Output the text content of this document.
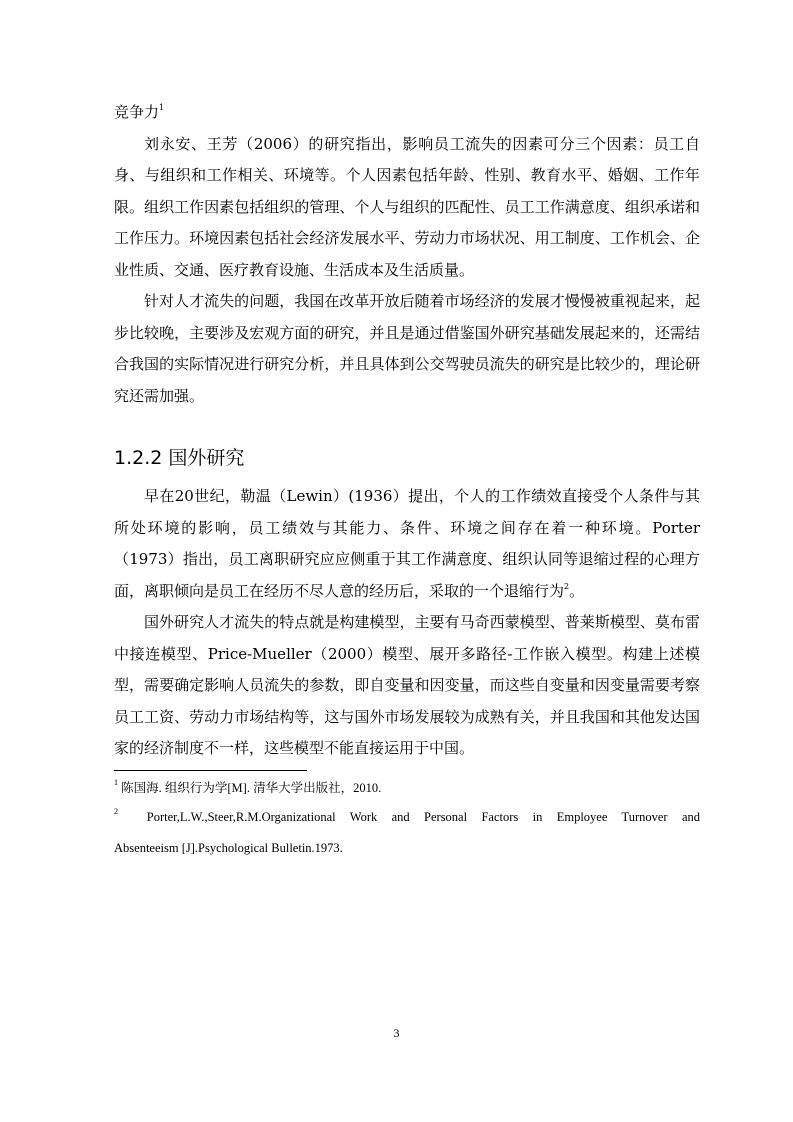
竞争力$^1$

刘永安、王芳（2006）的研究指出，影响员工流失的因素可分三个因素：员工自身、与组织和工作相关、环境等。个人因素包括年龄、性别、教育水平、婚姻、工作年限。组织工作因素包括组织的管理、个人与组织的匹配性、员工工作满意度、组织承诺和工作压力。环境因素包括社会经济发展水平、劳动力市场状况、用工制度、工作机会、企业性质、交通、医疗教育设施、生活成本及生活质量。

针对人才流失的问题，我国在改革开放后随着市场经济的发展才慢慢被重视起来，起步比较晚，主要涉及宏观方面的研究，并且是通过借鉴国外研究基础发展起来的，还需结合我国的实际情况进行研究分析，并且具体到公交驾驶员流失的研究是比较少的，理论研究还需加强。

1.2.2 国外研究

早在20世纪，勒温（Lewin）(1936）提出，个人的工作绩效直接受个人条件与其所处环境的影响，员工绩效与其能力、条件、环境之间存在着一种环境。Porter（1973）指出，员工离职研究应应侧重于其工作满意度、组织认同等退缩过程的心理方面，离职倾向是员工在经历不尽人意的经历后，采取的一个退缩行为$^2$。

国外研究人才流失的特点就是构建模型，主要有马奇西蒙模型、普莱斯模型、莫布雷中接连模型、Price-Mueller（2000）模型、展开多路径-工作嵌入模型。构建上述模型，需要确定影响人员流失的参数，即自变量和因变量，而这些自变量和因变量需要考察员工工资、劳动力市场结构等，这与国外市场发展较为成熟有关，并且我国和其他发达国家的经济制度不一样，这些模型不能直接运用于中国。

$^1$ 陈国海. 组织行为学[M]. 清华大学出版社，2010.

$^2$ Porter,L.W.,Steer,R.M.Organizational Work and Personal Factors in Employee Turnover and

Absenteeism [J].Psychological Bulletin.1973.

3
